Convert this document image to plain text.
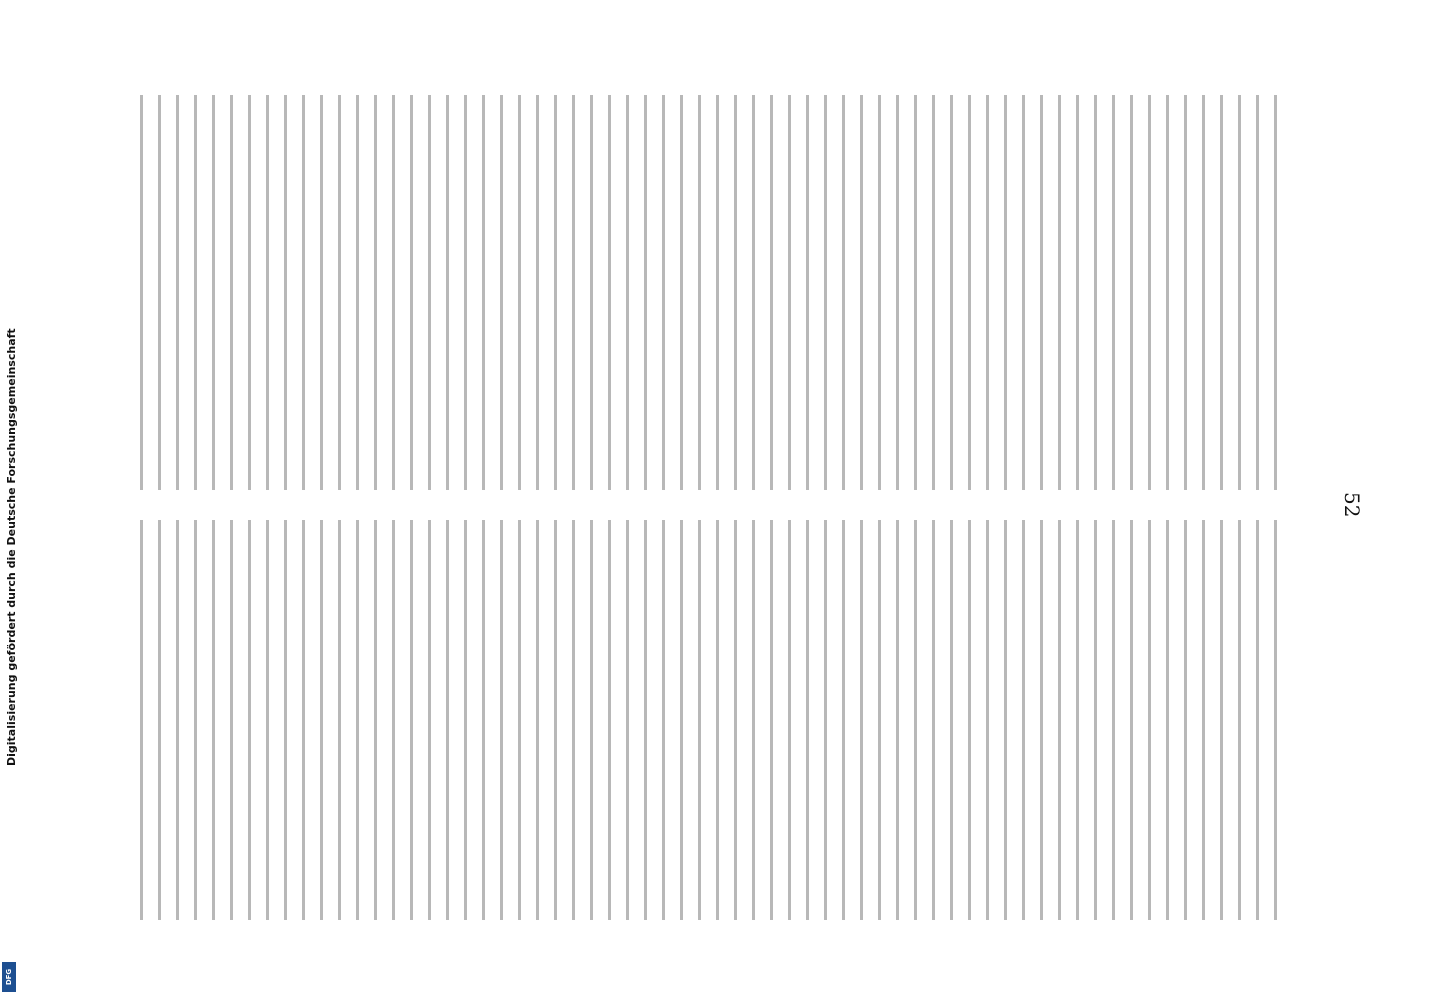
52
Digitalisierung gefördert durch die Deutsche Forschungsgemeinschaft
DFG
